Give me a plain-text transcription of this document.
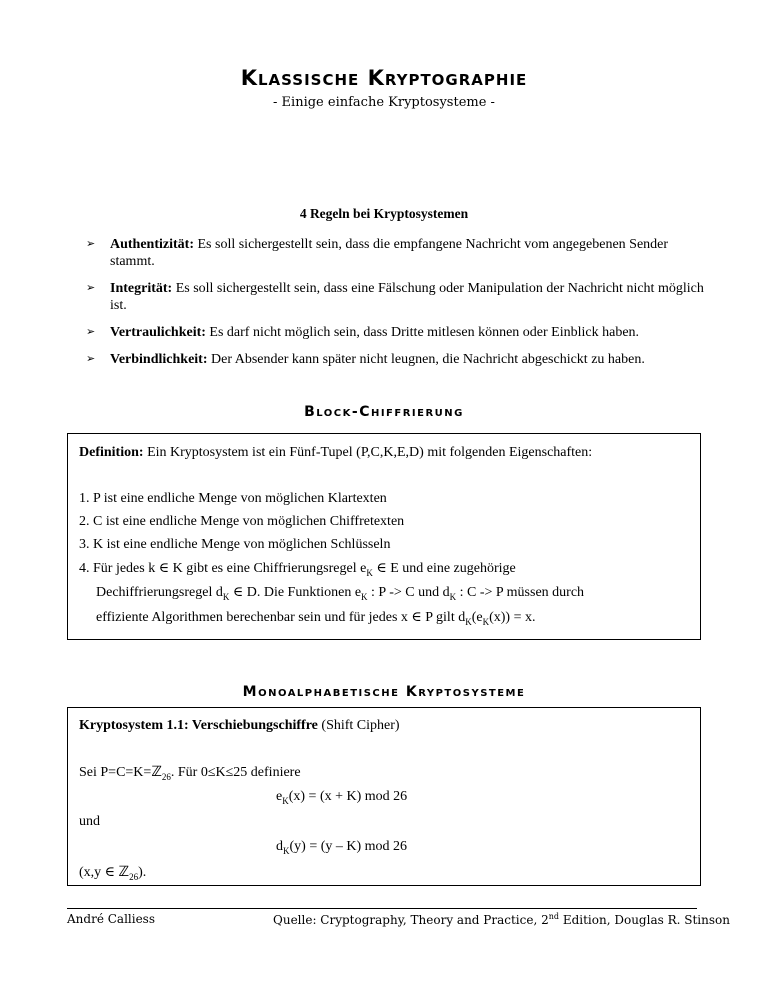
Klassische Kryptographie
- Einige einfache Kryptosysteme -
4 Regeln bei Kryptosystemen
➢ Authentizität: Es soll sichergestellt sein, dass die empfangene Nachricht vom angegebenen Sender stammt.
➢ Integrität: Es soll sichergestellt sein, dass eine Fälschung oder Manipulation der Nachricht nicht möglich ist.
➢ Vertraulichkeit: Es darf nicht möglich sein, dass Dritte mitlesen können oder Einblick haben.
➢ Verbindlichkeit: Der Absender kann später nicht leugnen, die Nachricht abgeschickt zu haben.
Block-Chiffrierung
Definition: Ein Kryptosystem ist ein Fünf-Tupel (P,C,K,E,D) mit folgenden Eigenschaften:
1. P ist eine endliche Menge von möglichen Klartexten
2. C ist eine endliche Menge von möglichen Chiffretexten
3. K ist eine endliche Menge von möglichen Schlüsseln
4. Für jedes k ∈ K gibt es eine Chiffrierungsregel $e_K$ ∈ E und eine zugehörige
Dechiffrierungsregel $d_K$ ∈ D. Die Funktionen $e_K$ : P -> C und $d_K$ : C -> P müssen durch
effiziente Algorithmen berechenbar sein und für jedes x ∈ P gilt $d_K(e_K(x)) = x$.
Monoalphabetische Kryptosysteme
Kryptosystem 1.1: Verschiebungschiffre (Shift Cipher)
Sei P=C=K=ℤ$_{26}$. Für 0≤K≤25 definiere
$e_K(x) = (x + K)$ mod 26
und
$d_K(y) = (y - K)$ mod 26
(x,y ∈ ℤ$_{26}$).
André Calliess	Quelle: Cryptography, Theory and Practice, 2nd Edition, Douglas R. Stinson
